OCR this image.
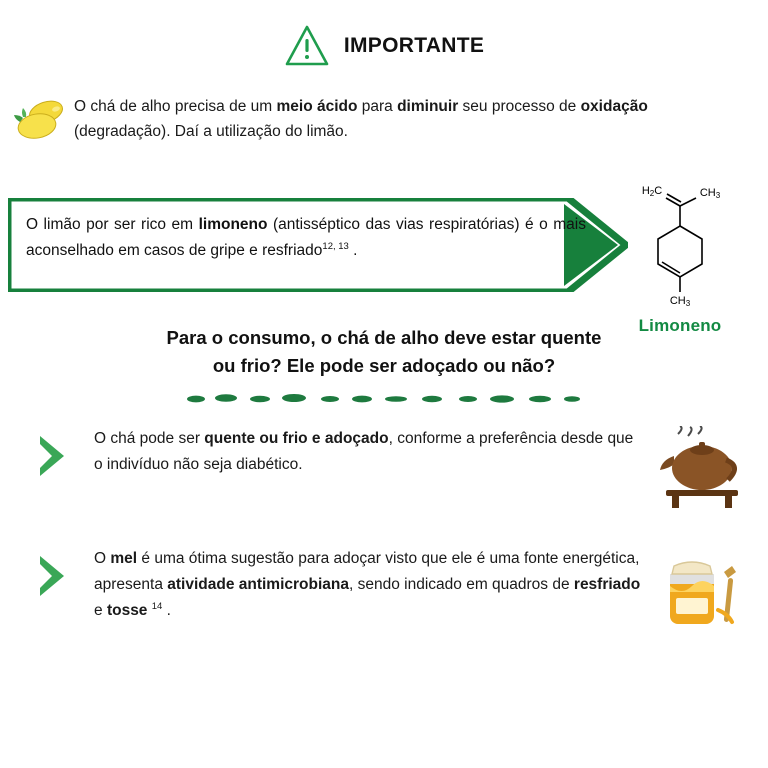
IMPORTANTE
O chá de alho precisa de um meio ácido para diminuir seu processo de oxidação (degradação). Daí a utilização do limão.
O limão por ser rico em limoneno (antisséptico das vias respiratórias) é o mais aconselhado em casos de gripe e resfriado$^{12, 13}$ .
H2C	CH3
CH3
Limoneno
Para o consumo, o chá de alho deve estar quente
ou frio? Ele pode ser adoçado ou não?
O chá pode ser quente ou frio e adoçado, conforme a preferência desde que o indivíduo não seja diabético.
O mel é uma ótima sugestão para adoçar visto que ele é uma fonte energética, apresenta atividade antimicrobiana, sendo indicado em quadros de resfriado e tosse $^{14}$ .
